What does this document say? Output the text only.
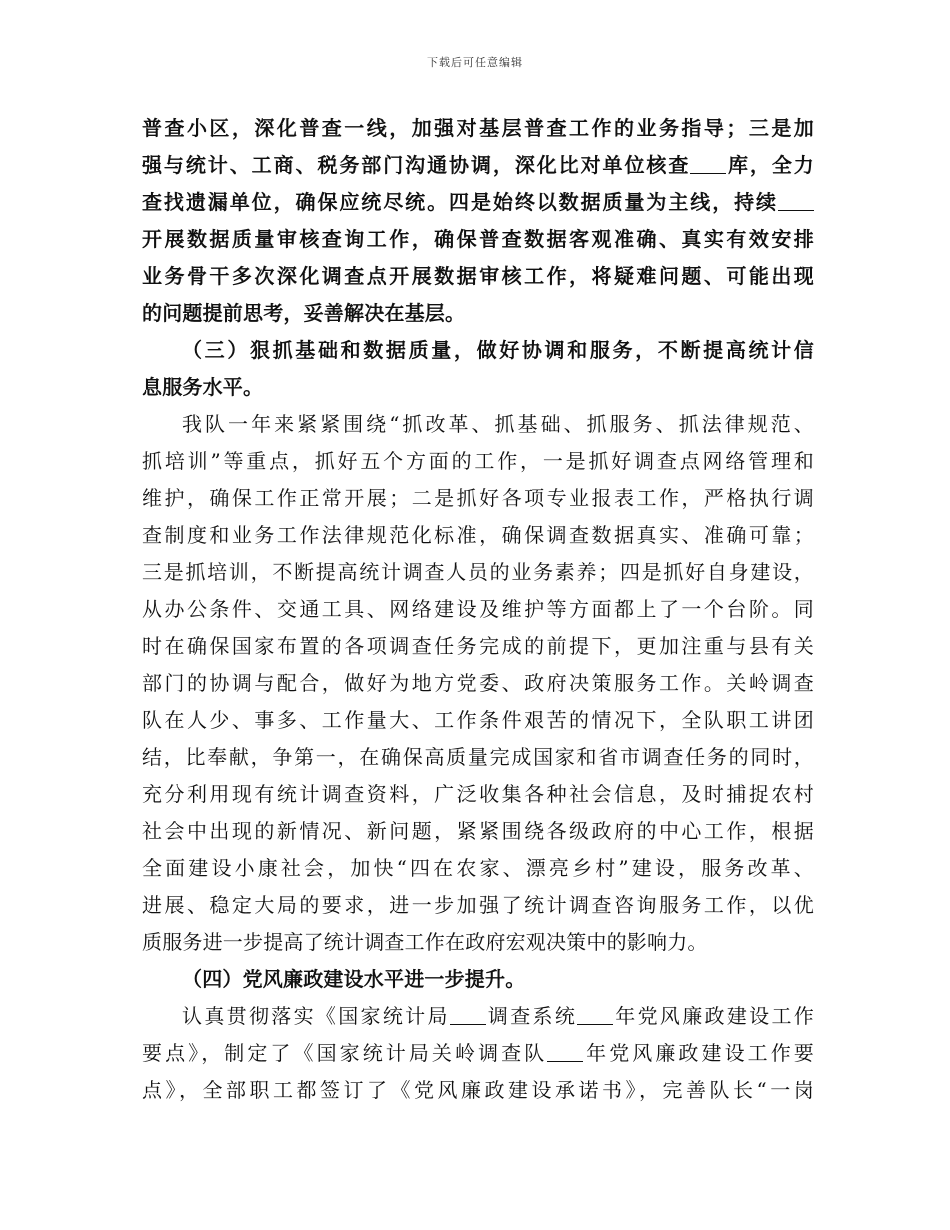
下载后可任意编辑
普查小区，深化普查一线，加强对基层普查工作的业务指导；三是加
强与统计、工商、税务部门沟通协调，深化比对单位核查 库，全力
查找遗漏单位，确保应统尽统。四是始终以数据质量为主线，持续
开展数据质量审核查询工作，确保普查数据客观准确、真实有效安排
业务骨干多次深化调查点开展数据审核工作，将疑难问题、可能出现
的问题提前思考，妥善解决在基层。
（三）狠抓基础和数据质量，做好协调和服务，不断提高统计信
息服务水平。
我队一年来紧紧围绕“抓改革、抓基础、抓服务、抓法律规范、
抓培训”等重点，抓好五个方面的工作，一是抓好调查点网络管理和
维护，确保工作正常开展；二是抓好各项专业报表工作，严格执行调
查制度和业务工作法律规范化标准，确保调查数据真实、准确可靠；
三是抓培训，不断提高统计调查人员的业务素养；四是抓好自身建设，
从办公条件、交通工具、网络建设及维护等方面都上了一个台阶。同
时在确保国家布置的各项调查任务完成的前提下，更加注重与县有关
部门的协调与配合，做好为地方党委、政府决策服务工作。关岭调查
队在人少、事多、工作量大、工作条件艰苦的情况下，全队职工讲团
结，比奉献，争第一，在确保高质量完成国家和省市调查任务的同时，
充分利用现有统计调查资料，广泛收集各种社会信息，及时捕捉农村
社会中出现的新情况、新问题，紧紧围绕各级政府的中心工作，根据
全面建设小康社会，加快“四在农家、漂亮乡村”建设，服务改革、
进展、稳定大局的要求，进一步加强了统计调查咨询服务工作，以优
质服务进一步提高了统计调查工作在政府宏观决策中的影响力。
（四）党风廉政建设水平进一步提升。
认真贯彻落实《国家统计局 调查系统 年党风廉政建设工作
要点》，制定了《国家统计局关岭调查队 年党风廉政建设工作要
点》，全部职工都签订了《党风廉政建设承诺书》，完善队长“一岗
